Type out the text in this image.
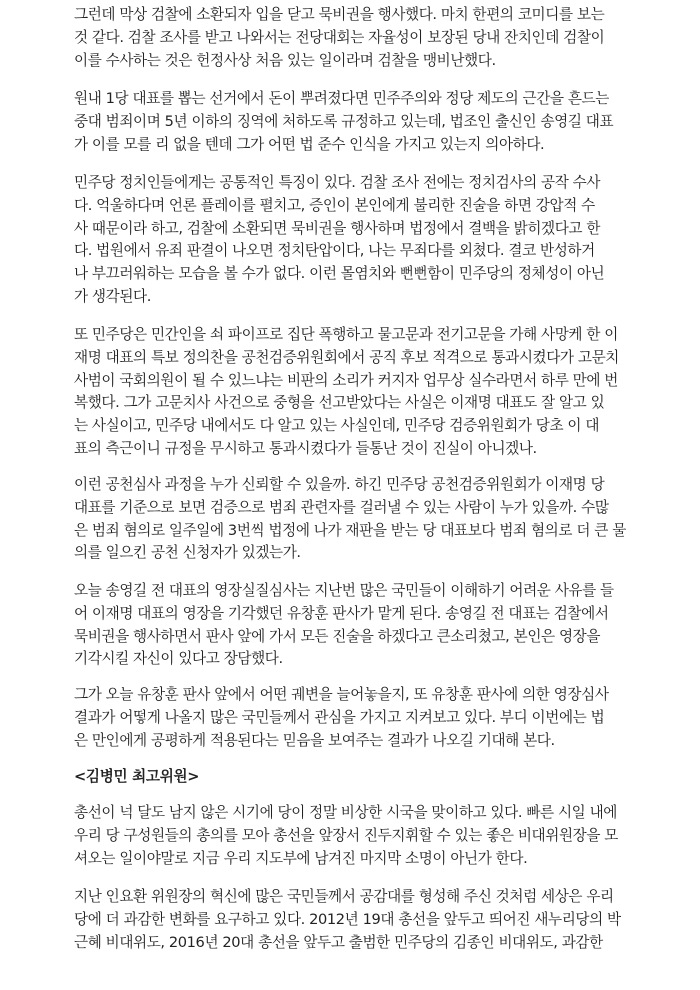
그런데 막상 검찰에 소환되자 입을 닫고 묵비권을 행사했다. 마치 한편의 코미디를 보는
것 같다. 검찰 조사를 받고 나와서는 전당대회는 자율성이 보장된 당내 잔치인데 검찰이
이를 수사하는 것은 헌정사상 처음 있는 일이라며 검찰을 맹비난했다.
원내 1당 대표를 뽑는 선거에서 돈이 뿌려졌다면 민주주의와 정당 제도의 근간을 흔드는
중대 범죄이며 5년 이하의 징역에 처하도록 규정하고 있는데, 법조인 출신인 송영길 대표
가 이를 모를 리 없을 텐데 그가 어떤 법 준수 인식을 가지고 있는지 의아하다.
민주당 정치인들에게는 공통적인 특징이 있다. 검찰 조사 전에는 정치검사의 공작 수사
다. 억울하다며 언론 플레이를 펼치고, 증인이 본인에게 불리한 진술을 하면 강압적 수
사 때문이라 하고, 검찰에 소환되면 묵비권을 행사하며 법정에서 결백을 밝히겠다고 한
다. 법원에서 유죄 판결이 나오면 정치탄압이다, 나는 무죄다를 외쳤다. 결코 반성하거
나 부끄러워하는 모습을 볼 수가 없다. 이런 몰염치와 뻔뻔함이 민주당의 정체성이 아닌
가 생각된다.
또 민주당은 민간인을 쇠 파이프로 집단 폭행하고 물고문과 전기고문을 가해 사망케 한 이
재명 대표의 특보 정의찬을 공천검증위원회에서 공직 후보 적격으로 통과시켰다가 고문치
사범이 국회의원이 될 수 있느냐는 비판의 소리가 커지자 업무상 실수라면서 하루 만에 번
복했다. 그가 고문치사 사건으로 중형을 선고받았다는 사실은 이재명 대표도 잘 알고 있
는 사실이고, 민주당 내에서도 다 알고 있는 사실인데, 민주당 검증위원회가 당초 이 대
표의 측근이니 규정을 무시하고 통과시켰다가 들통난 것이 진실이 아니겠나.
이런 공천심사 과정을 누가 신뢰할 수 있을까. 하긴 민주당 공천검증위원회가 이재명 당
대표를 기준으로 보면 검증으로 범죄 관련자를 걸러낼 수 있는 사람이 누가 있을까. 수많
은 범죄 혐의로 일주일에 3번씩 법정에 나가 재판을 받는 당 대표보다 범죄 혐의로 더 큰 물
의를 일으킨 공천 신청자가 있겠는가.
오늘 송영길 전 대표의 영장실질심사는 지난번 많은 국민들이 이해하기 어려운 사유를 들
어 이재명 대표의 영장을 기각했던 유창훈 판사가 맡게 된다. 송영길 전 대표는 검찰에서
묵비권을 행사하면서 판사 앞에 가서 모든 진술을 하겠다고 큰소리쳤고, 본인은 영장을
기각시킬 자신이 있다고 장담했다.
그가 오늘 유창훈 판사 앞에서 어떤 궤변을 늘어놓을지, 또 유창훈 판사에 의한 영장심사
결과가 어떻게 나올지 많은 국민들께서 관심을 가지고 지켜보고 있다. 부디 이번에는 법
은 만인에게 공평하게 적용된다는 믿음을 보여주는 결과가 나오길 기대해 본다.
<김병민 최고위원>
총선이 넉 달도 남지 않은 시기에 당이 정말 비상한 시국을 맞이하고 있다. 빠른 시일 내에
우리 당 구성원들의 총의를 모아 총선을 앞장서 진두지휘할 수 있는 좋은 비대위원장을 모
셔오는 일이야말로 지금 우리 지도부에 남겨진 마지막 소명이 아닌가 한다.
지난 인요환 위원장의 혁신에 많은 국민들께서 공감대를 형성해 주신 것처럼 세상은 우리
당에 더 과감한 변화를 요구하고 있다. 2012년 19대 총선을 앞두고 띄어진 새누리당의 박
근혜 비대위도, 2016년 20대 총선을 앞두고 출범한 민주당의 김종인 비대위도, 과감한
